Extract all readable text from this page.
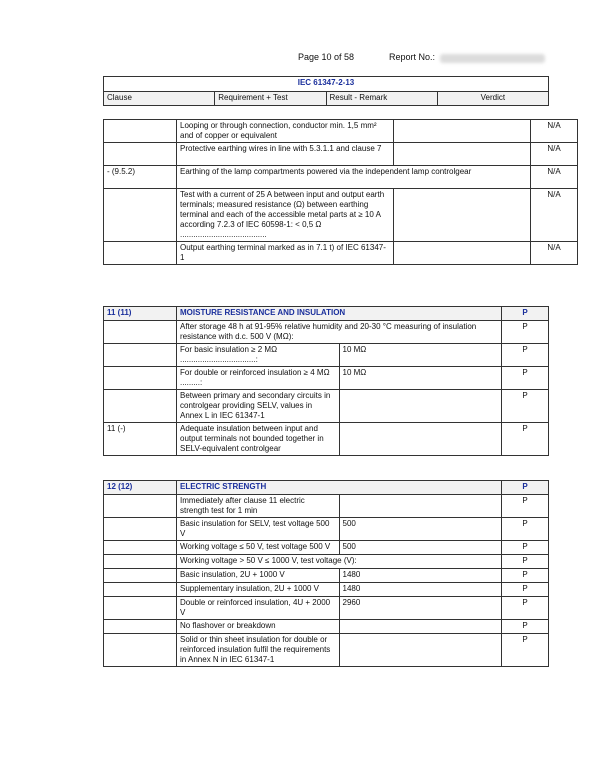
Page 10 of 58	Report No.:
IEC 61347-2-13
Clause	Requirement + Test	Result - Remark	Verdict
	Looping or through connection, conductor min. 1,5 mm² and of copper or equivalent		N/A
	Protective earthing wires in line with 5.3.1.1 and clause 7		N/A
- (9.5.2)	Earthing of the lamp compartments powered via the independent lamp controlgear		N/A
	Test with a current of 25 A between input and output earth terminals; measured resistance (Ω) between earthing terminal and each of the accessible metal parts at ≥ 10 A according 7.2.3 of IEC 60598-1: < 0,5 Ω .......................................		N/A
	Output earthing terminal marked as in 7.1 t) of IEC 61347-1		N/A
11 (11)	MOISTURE RESISTANCE AND INSULATION		P
	After storage 48 h at 91-95% relative humidity and 20-30 °C measuring of insulation resistance with d.c. 500 V (MΩ):		P
	For basic insulation ≥ 2 MΩ ..................................:	10 MΩ	P
	For double or reinforced insulation ≥ 4 MΩ .........:	10 MΩ	P
	Between primary and secondary circuits in controlgear providing SELV, values in Annex L in IEC 61347-1		P
11 (-)	Adequate insulation between input and output terminals not bounded together in SELV-equivalent controlgear		P
12 (12)	ELECTRIC STRENGTH		P
	Immediately after clause 11 electric strength test for 1 min		P
	Basic insulation for SELV, test voltage 500 V	500	P
	Working voltage ≤ 50 V, test voltage 500 V	500	P
	Working voltage > 50 V ≤ 1000 V, test voltage (V):		P
	Basic insulation, 2U + 1000 V	1480	P
	Supplementary insulation, 2U + 1000 V	1480	P
	Double or reinforced insulation, 4U + 2000 V	2960	P
	No flashover or breakdown		P
	Solid or thin sheet insulation for double or reinforced insulation fulfil the requirements in Annex N in IEC 61347-1		P
